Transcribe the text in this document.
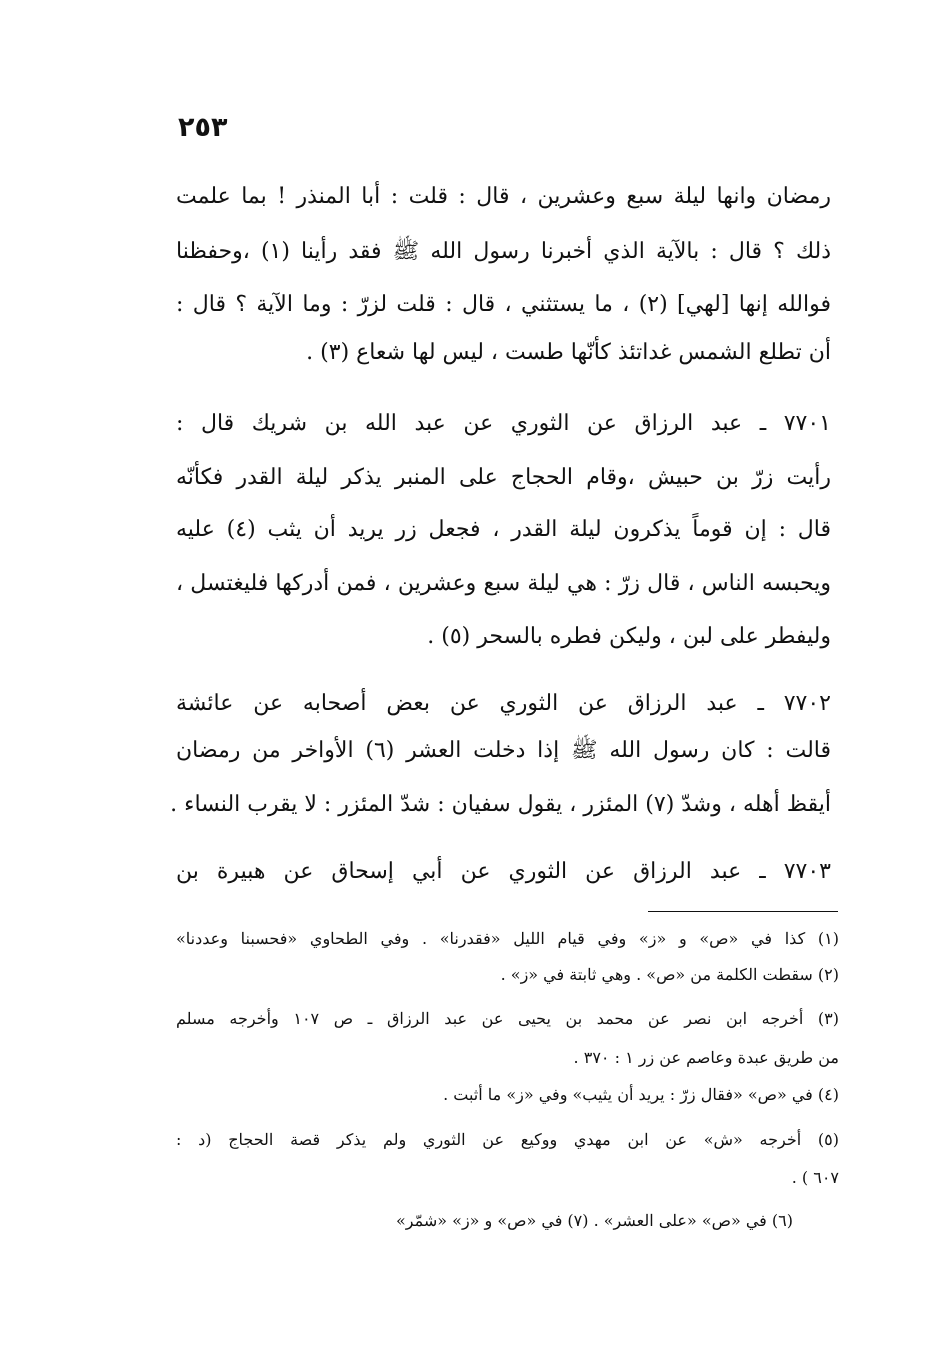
٢٥٣
رمضان وانها ليلة سبع وعشرين ، قال : قلت : أبا المنذر ! بما علمت
ذلك ؟ قال : بالآية الذي أخبرنا رسول الله ﷺ فقد رأينا (١) ،وحفظنا
فوالله إنها [لهي] (٢) ، ما يستثني ، قال : قلت لزرّ : وما الآية ؟ قال :
أن تطلع الشمس غداتئذ كأنّها طست ، ليس لها شعاع (٣) .
٧٧٠١ ـ عبد الرزاق عن الثوري عن عبد الله بن شريك قال :
رأيت زرّ بن حبيش ،وقام الحجاج على المنبر يذكر ليلة القدر فكأنّه
قال : إن قوماً يذكرون ليلة القدر ، فجعل زر يريد أن يثب (٤) عليه
ويحبسه الناس ، قال زرّ : هي ليلة سبع وعشرين ، فمن أدركها فليغتسل ،
وليفطر على لبن ، وليكن فطره بالسحر (٥) .
٧٧٠٢ ـ عبد الرزاق عن الثوري عن بعض أصحابه عن عائشة
قالت : كان رسول الله ﷺ إذا دخلت العشر (٦) الأواخر من رمضان
أيقظ أهله ، وشدّ (٧) المئزر ، يقول سفيان : شدّ المئزر : لا يقرب النساء .
٧٧٠٣ ـ عبد الرزاق عن الثوري عن أبي إسحاق عن هبيرة بن
(١) كذا في «ص» و «ز» وفي قيام الليل «فقدرنا» . وفي الطحاوي «فحسبنا وعددنا»
(٢) سقطت الكلمة من «ص» . وهي ثابتة في «ز» .
(٣) أخرجه ابن نصر عن محمد بن يحيى عن عبد الرزاق ـ ص ١٠٧ وأخرجه مسلم
من طريق عبدة وعاصم عن زر ١ : ٣٧٠ .
(٤) في «ص» «فقال زرّ : يريد أن يثيب» وفي «ز» ما أثبت .
(٥) أخرجه «ش» عن ابن مهدي ووكيع عن الثوري ولم يذكر قصة الحجاج (د :
٦٠٧ ) .
(٦) في «ص» «على العشر» . (٧) في «ص» و «ز» «شمّر»
